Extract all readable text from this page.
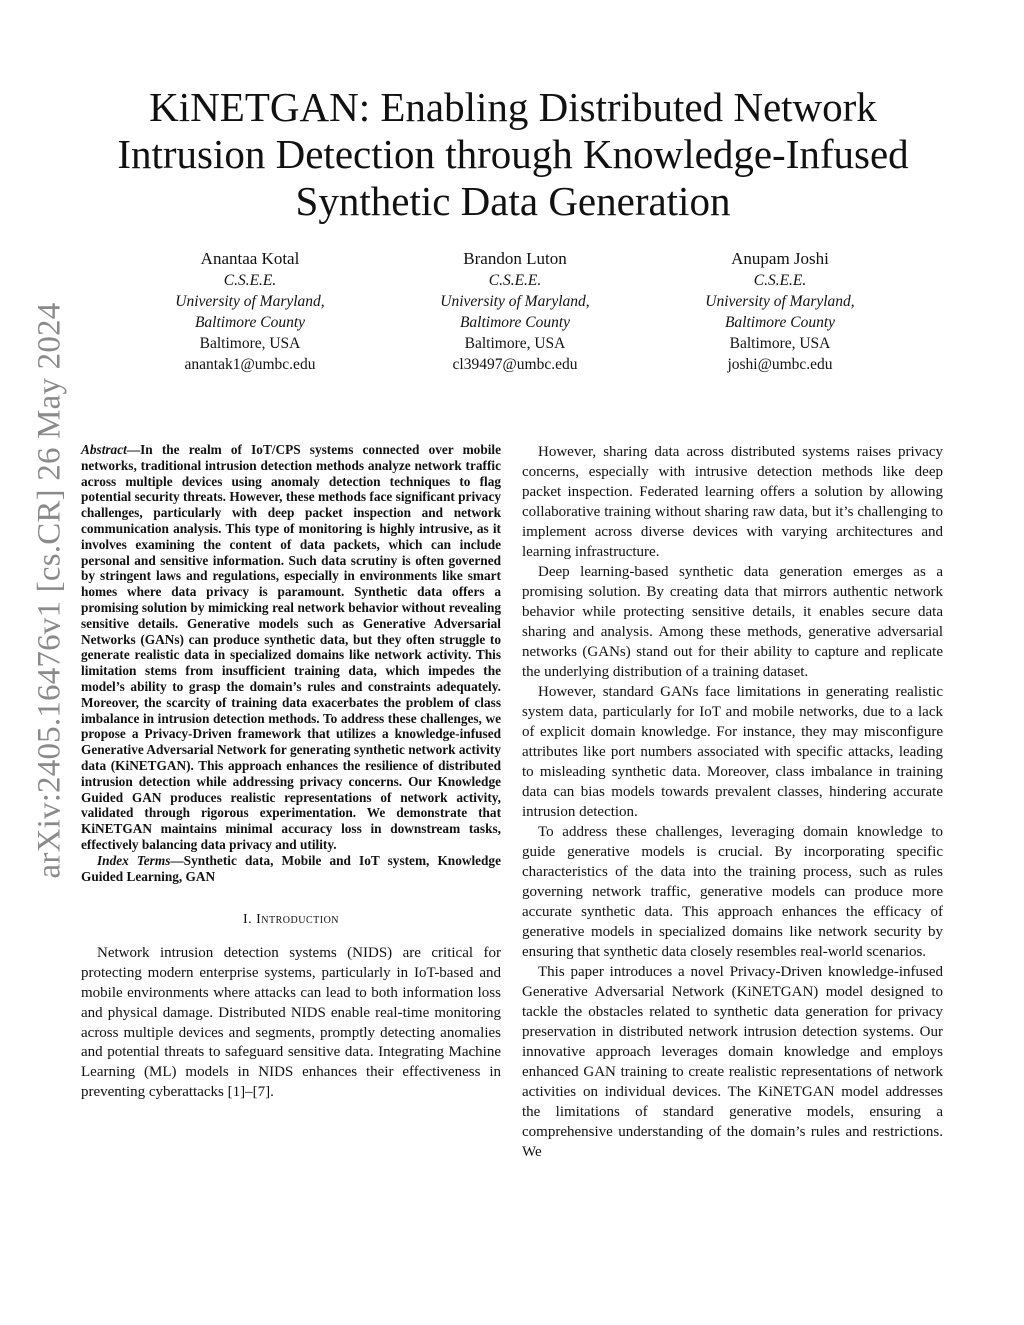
arXiv:2405.16476v1 [cs.CR] 26 May 2024
KiNETGAN: Enabling Distributed Network
Intrusion Detection through Knowledge-Infused
Synthetic Data Generation
Anantaa Kotal
C.S.E.E.
University of Maryland,
Baltimore County
Baltimore, USA
anantak1@umbc.edu
Brandon Luton
C.S.E.E.
University of Maryland,
Baltimore County
Baltimore, USA
cl39497@umbc.edu
Anupam Joshi
C.S.E.E.
University of Maryland,
Baltimore County
Baltimore, USA
joshi@umbc.edu

Abstract—In the realm of IoT/CPS systems connected over mobile networks, traditional intrusion detection methods analyze network traffic across multiple devices using anomaly detection techniques to flag potential security threats. However, these methods face significant privacy challenges, particularly with deep packet inspection and network communication analysis. This type of monitoring is highly intrusive, as it involves examining the content of data packets, which can include personal and sensitive information. Such data scrutiny is often governed by stringent laws and regulations, especially in environments like smart homes where data privacy is paramount. Synthetic data offers a promising solution by mimicking real network behavior without revealing sensitive details. Generative models such as Generative Adversarial Networks (GANs) can produce synthetic data, but they often struggle to generate realistic data in specialized domains like network activity. This limitation stems from insufficient training data, which impedes the model’s ability to grasp the domain’s rules and constraints adequately. Moreover, the scarcity of training data exacerbates the problem of class imbalance in intrusion detection methods. To address these challenges, we propose a Privacy-Driven framework that utilizes a knowledge-infused Generative Adversarial Network for generating synthetic network activity data (KiNETGAN). This approach enhances the resilience of distributed intrusion detection while addressing privacy concerns. Our Knowledge Guided GAN produces realistic representations of network activity, validated through rigorous experimentation. We demonstrate that KiNETGAN maintains minimal accuracy loss in downstream tasks, effectively balancing data privacy and utility.

Index Terms—Synthetic data, Mobile and IoT system, Knowledge Guided Learning, GAN

I. Introduction

Network intrusion detection systems (NIDS) are critical for protecting modern enterprise systems, particularly in IoT-based and mobile environments where attacks can lead to both information loss and physical damage. Distributed NIDS enable real-time monitoring across multiple devices and segments, promptly detecting anomalies and potential threats to safeguard sensitive data. Integrating Machine Learning (ML) models in NIDS enhances their effectiveness in preventing cyberattacks [1]–[7].

However, sharing data across distributed systems raises privacy concerns, especially with intrusive detection methods like deep packet inspection. Federated learning offers a solution by allowing collaborative training without sharing raw data, but it’s challenging to implement across diverse devices with varying architectures and learning infrastructure.

Deep learning-based synthetic data generation emerges as a promising solution. By creating data that mirrors authentic network behavior while protecting sensitive details, it enables secure data sharing and analysis. Among these methods, generative adversarial networks (GANs) stand out for their ability to capture and replicate the underlying distribution of a training dataset.

However, standard GANs face limitations in generating realistic system data, particularly for IoT and mobile networks, due to a lack of explicit domain knowledge. For instance, they may misconfigure attributes like port numbers associated with specific attacks, leading to misleading synthetic data. Moreover, class imbalance in training data can bias models towards prevalent classes, hindering accurate intrusion detection.

To address these challenges, leveraging domain knowledge to guide generative models is crucial. By incorporating specific characteristics of the data into the training process, such as rules governing network traffic, generative models can produce more accurate synthetic data. This approach enhances the efficacy of generative models in specialized domains like network security by ensuring that synthetic data closely resembles real-world scenarios.

This paper introduces a novel Privacy-Driven knowledge-infused Generative Adversarial Network (KiNETGAN) model designed to tackle the obstacles related to synthetic data generation for privacy preservation in distributed network intrusion detection systems. Our innovative approach leverages domain knowledge and employs enhanced GAN training to create realistic representations of network activities on individual devices. The KiNETGAN model addresses the limitations of standard generative models, ensuring a comprehensive understanding of the domain’s rules and restrictions. We
